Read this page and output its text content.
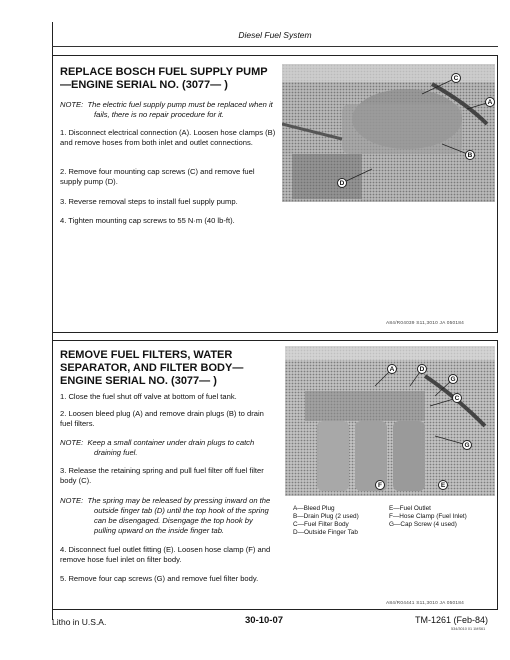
Diesel Fuel System
REPLACE BOSCH FUEL SUPPLY PUMP—ENGINE SERIAL NO. (3077— )
NOTE: The electric fuel supply pump must be replaced when it fails, there is no repair procedure for it.
1. Disconnect electrical connection (A). Loosen hose clamps (B) and remove hoses from both inlet and outlet connections.
2. Remove four mounting cap screws (C) and remove fuel supply pump (D).
3. Reverse removal steps to install fuel supply pump.
4. Tighten mounting cap screws to 55 N·m (40 lb-ft).
C
A
B
D
A84/R04039 S11,3010 JA 050184
REMOVE FUEL FILTERS, WATER SEPARATOR, AND FILTER BODY—ENGINE SERIAL NO. (3077— )
1. Close the fuel shut off valve at bottom of fuel tank.
2. Loosen bleed plug (A) and remove drain plugs (B) to drain fuel filters.
NOTE: Keep a small container under drain plugs to catch draining fuel.
3. Release the retaining spring and pull fuel filter off fuel filter body (C).
NOTE: The spring may be released by pressing inward on the outside finger tab (D) until the top hook of the spring can be disengaged. Disengage the top hook by pulling upward on the inside finger tab.
4. Disconnect fuel outlet fitting (E). Loosen hose clamp (F) and remove hose fuel inlet on filter body.
5. Remove four cap screws (G) and remove fuel filter body.
A	D
G
C
G
F	E
A—Bleed Plug
B—Drain Plug (2 used)
C—Fuel Filter Body
D—Outside Finger Tab
E—Fuel Outlet
F—Hose Clamp (Fuel Inlet)
G—Cap Screw (4 used)
A84/R04441 S11,3010 JA 050184
Litho in U.S.A.	30-10-07	TM-1261 (Feb-84)
534/3010 01 1MS61
